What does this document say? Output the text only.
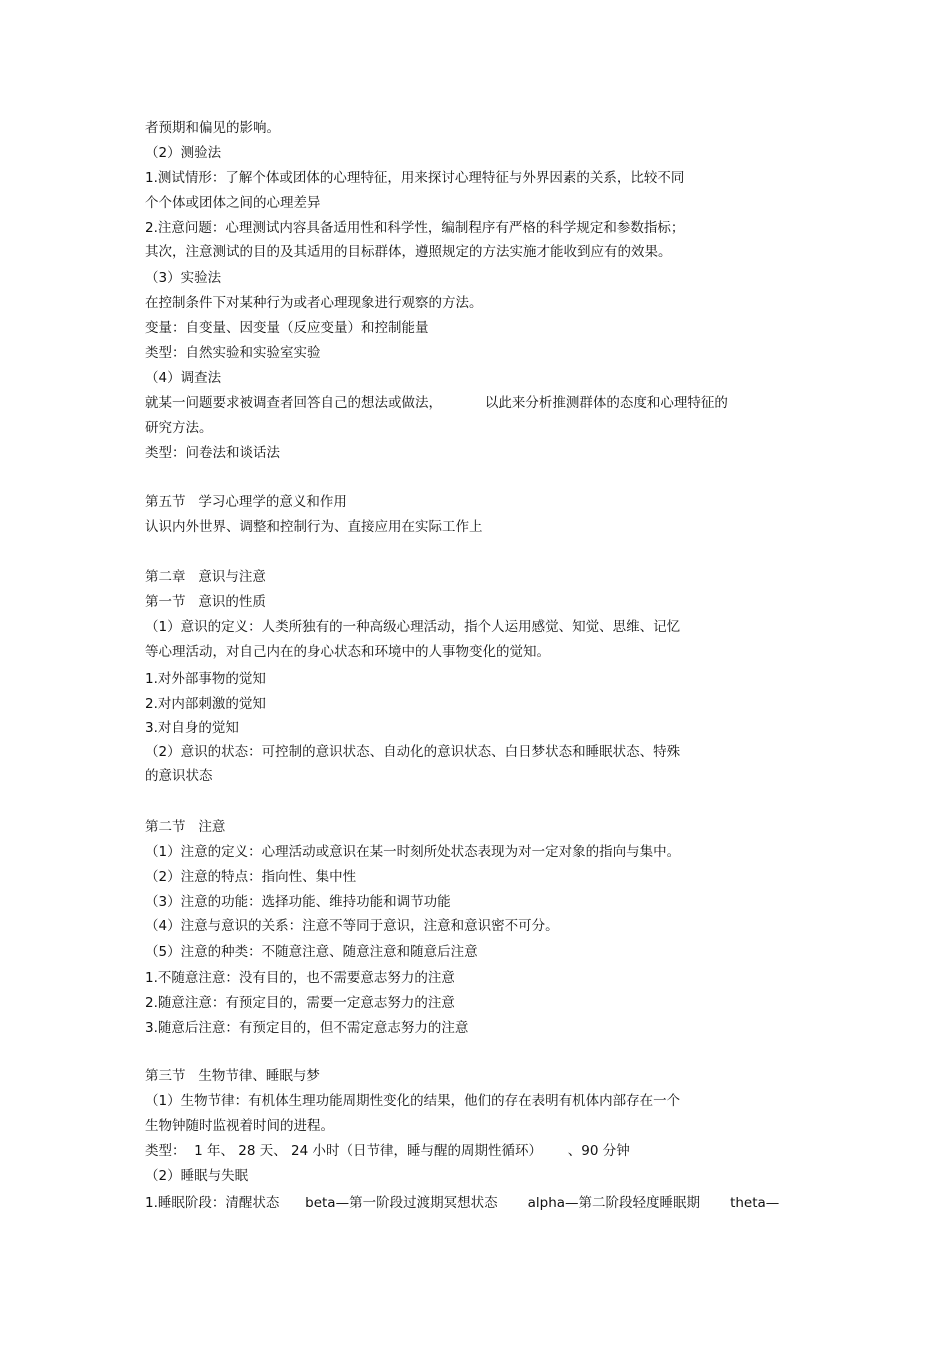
者预期和偏见的影响。

（2）测验法

1.测试情形：了解个体或团体的心理特征，用来探讨心理特征与外界因素的关系，比较不同

个个体或团体之间的心理差异

2.注意问题：心理测试内容具备适用性和科学性，编制程序有严格的科学规定和参数指标；

其次，注意测试的目的及其适用的目标群体，遵照规定的方法实施才能收到应有的效果。

（3）实验法

在控制条件下对某种行为或者心理现象进行观察的方法。

变量：自变量、因变量（反应变量）和控制能量

类型：自然实验和实验室实验

（4）调查法

就某一问题要求被调查者回答自己的想法或做法，          以此来分析推测群体的态度和心理特征的

研究方法。

类型：问卷法和谈话法

第五节   学习心理学的意义和作用

认识内外世界、调整和控制行为、直接应用在实际工作上

第二章   意识与注意

第一节   意识的性质

（1）意识的定义：人类所独有的一种高级心理活动，指个人运用感觉、知觉、思维、记忆

等心理活动，对自己内在的身心状态和环境中的人事物变化的觉知。

1.对外部事物的觉知

2.对内部刺激的觉知

3.对自身的觉知

（2）意识的状态：可控制的意识状态、自动化的意识状态、白日梦状态和睡眠状态、特殊

的意识状态

第二节   注意

（1）注意的定义：心理活动或意识在某一时刻所处状态表现为对一定对象的指向与集中。

（2）注意的特点：指向性、集中性

（3）注意的功能：选择功能、维持功能和调节功能

（4）注意与意识的关系：注意不等同于意识，注意和意识密不可分。

（5）注意的种类：不随意注意、随意注意和随意后注意

1.不随意注意：没有目的，也不需要意志努力的注意

2.随意注意：有预定目的，需要一定意志努力的注意

3.随意后注意：有预定目的，但不需定意志努力的注意

第三节   生物节律、睡眠与梦

（1）生物节律：有机体生理功能周期性变化的结果，他们的存在表明有机体内部存在一个

生物钟随时监视着时间的进程。

类型：  1 年、 28 天、 24 小时（日节律，睡与醒的周期性循环）      、90 分钟

（2）睡眠与失眠

1.睡眠阶段：清醒状态      beta—第一阶段过渡期冥想状态       alpha—第二阶段轻度睡眠期       theta—
